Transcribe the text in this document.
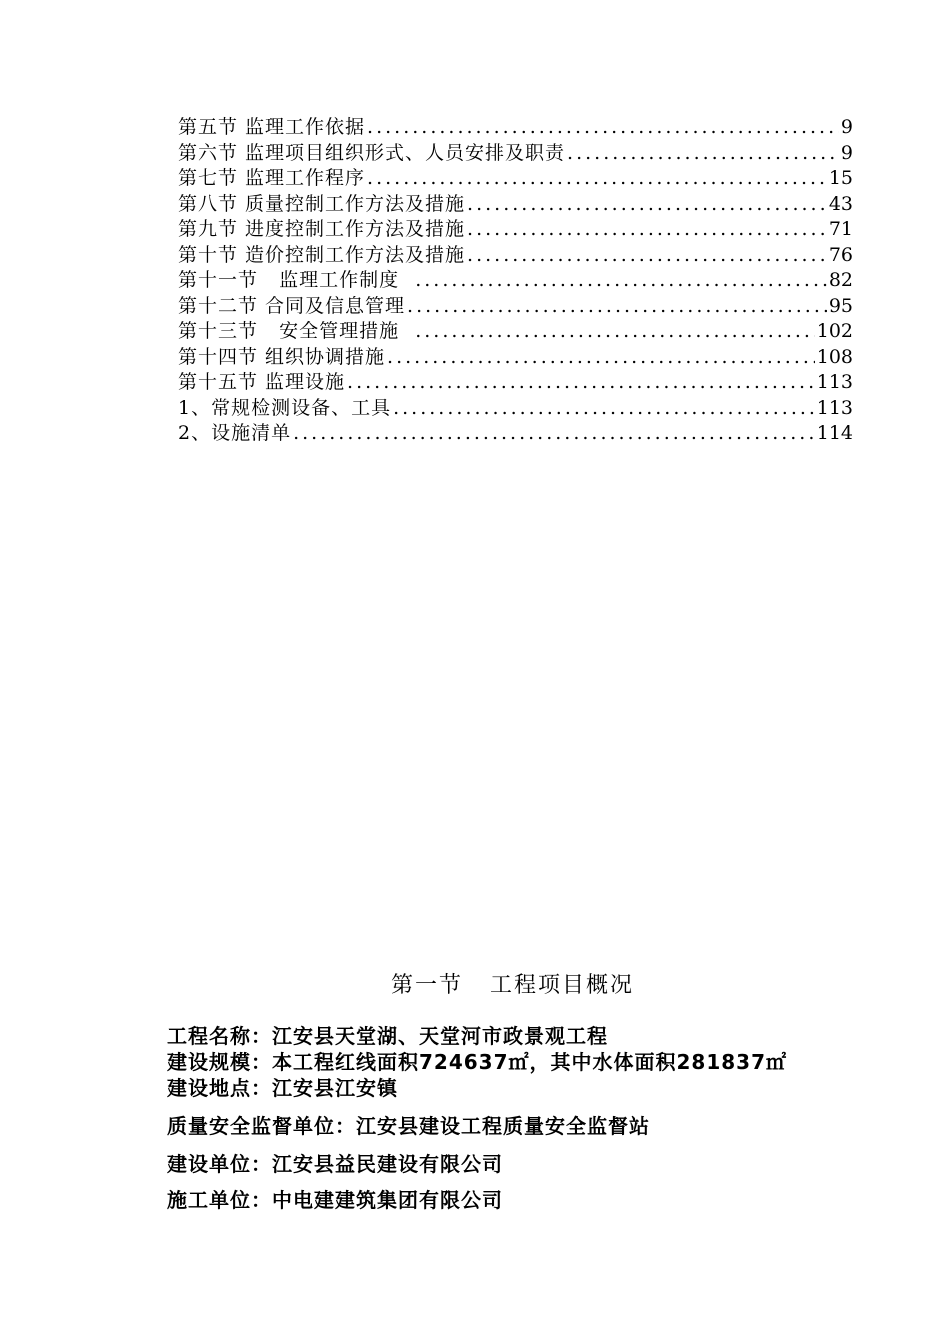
第五节 监理工作依据 .....	9
第六节 监理项目组织形式、人员安排及职责 .....	9
第七节 监理工作程序 .....	15
第八节 质量控制工作方法及措施 .....	43
第九节 进度控制工作方法及措施 .....	71
第十节 造价控制工作方法及措施 .....	76
第十一节   监理工作制度 .....	82
第十二节 合同及信息管理 .....	95
第十三节   安全管理措施 .....	102
第十四节 组织协调措施 .....	108
第十五节 监理设施 .....	113
1、常规检测设备、工具 .....	113
2、设施清单 .....	114
第一节   工程项目概况
工程名称：江安县天堂湖、天堂河市政景观工程
建设规模：本工程红线面积724637㎡，其中水体面积281837㎡
建设地点：江安县江安镇
质量安全监督单位：江安县建设工程质量安全监督站
建设单位：江安县益民建设有限公司
施工单位：中电建建筑集团有限公司
